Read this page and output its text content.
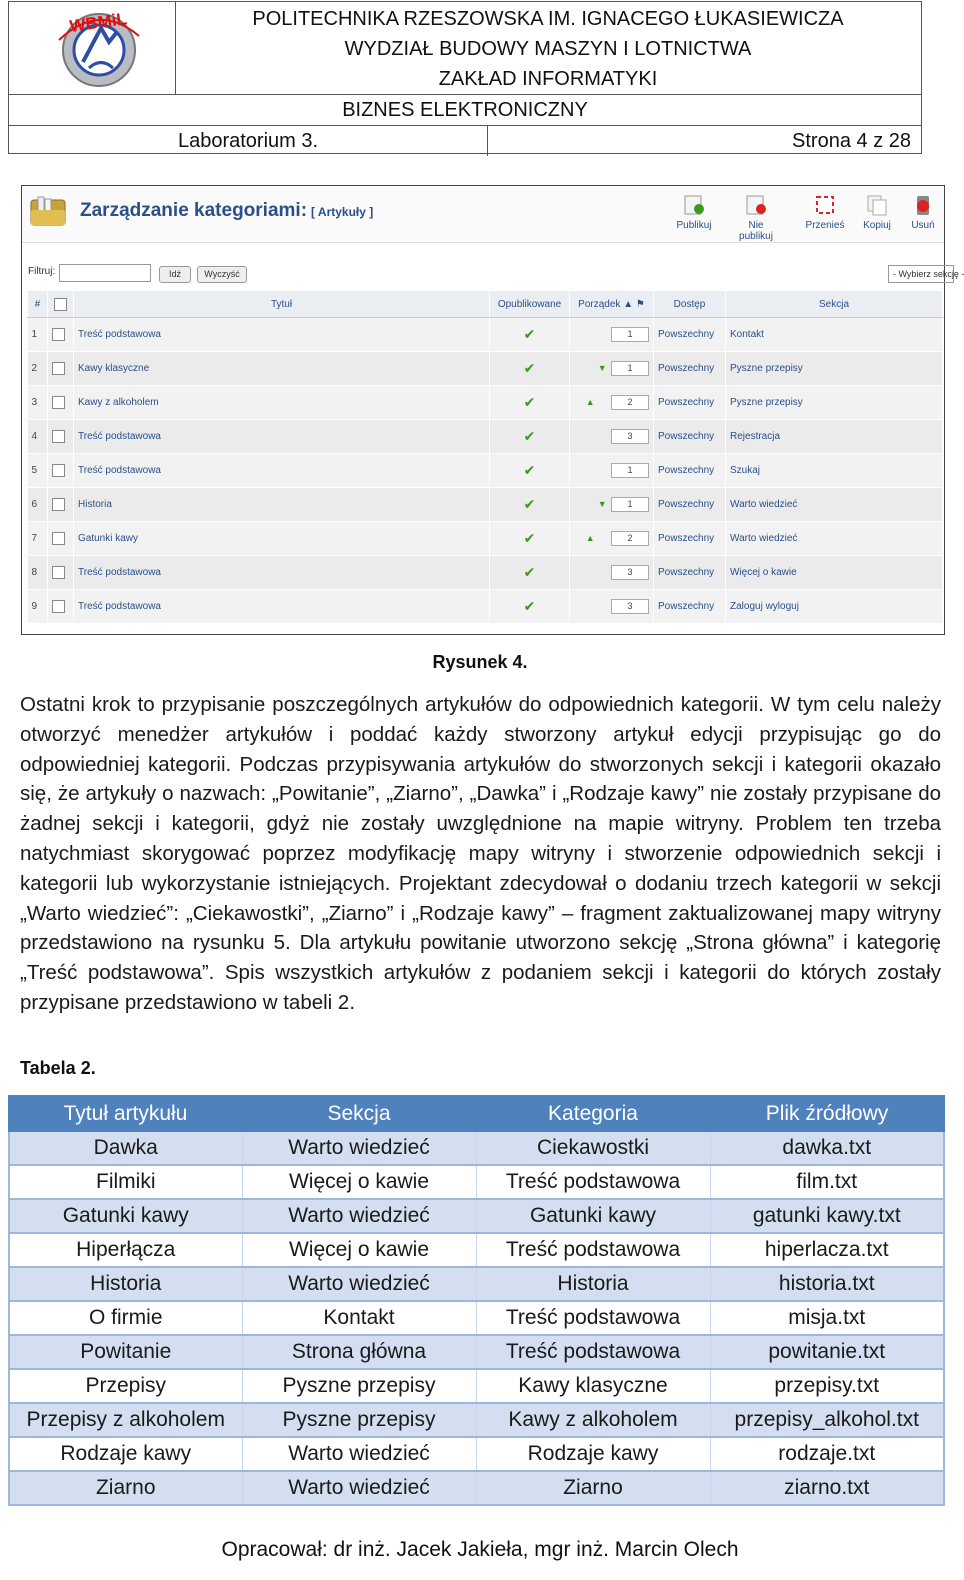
WBMiL	POLITECHNIKA RZESZOWSKA IM. IGNACEGO ŁUKASIEWICZA
WYDZIAŁ BUDOWY MASZYN I LOTNICTWA
ZAKŁAD INFORMATYKI
BIZNES ELEKTRONICZNY
Laboratorium 3.	Strona 4 z 28
Zarządzanie kategoriami: [ Artykuły ]
Publikuj	Nie publikuj
Przenieś	Kopiuj	Usuń
Filtruj:	Idź	Wyczyść	- Wybierz sekcję -
#		Tytuł	Opublikowane	Porządek ▲ ⚑	Dostęp	Sekcja
1		Treść podstawowa	✔	1	Powszechny	Kontakt
2		Kawy klasyczne	✔	▼ 1	Powszechny	Pyszne przepisy
3		Kawy z alkoholem	✔	▲ 2	Powszechny	Pyszne przepisy
4		Treść podstawowa	✔	3	Powszechny	Rejestracja
5		Treść podstawowa	✔	1	Powszechny	Szukaj
6		Historia	✔	▼ 1	Powszechny	Warto wiedzieć
7		Gatunki kawy	✔	▲ 2	Powszechny	Warto wiedzieć
8		Treść podstawowa	✔	3	Powszechny	Więcej o kawie
9		Treść podstawowa	✔	3	Powszechny	Zaloguj wyloguj
Rysunek 4.
Ostatni krok to przypisanie poszczególnych artykułów do odpowiednich kategorii. W tym celu należy otworzyć menedżer artykułów i poddać każdy stworzony artykuł edycji przypisując go do odpowiedniej kategorii. Podczas przypisywania artykułów do stworzonych sekcji i kategorii okazało się, że artykuły o nazwach: „Powitanie”, „Ziarno”, „Dawka” i „Rodzaje kawy” nie zostały przypisane do żadnej sekcji i kategorii, gdyż nie zostały uwzględnione na mapie witryny. Problem ten trzeba natychmiast skorygować poprzez modyfikację mapy witryny i stworzenie odpowiednich sekcji i kategorii lub wykorzystanie istniejących. Projektant zdecydował o dodaniu trzech kategorii w sekcji „Warto wiedzieć”: „Ciekawostki”, „Ziarno” i „Rodzaje kawy” – fragment zaktualizowanej mapy witryny przedstawiono na rysunku 5. Dla artykułu powitanie utworzono sekcję „Strona główna” i kategorię „Treść podstawowa”. Spis wszystkich artykułów z podaniem sekcji i kategorii do których zostały przypisane przedstawiono w tabeli 2.
Tabela 2.
Tytuł artykułu	Sekcja	Kategoria	Plik źródłowy
Dawka	Warto wiedzieć	Ciekawostki	dawka.txt
Filmiki	Więcej o kawie	Treść podstawowa	film.txt
Gatunki kawy	Warto wiedzieć	Gatunki kawy	gatunki kawy.txt
Hiperłącza	Więcej o kawie	Treść podstawowa	hiperlacza.txt
Historia	Warto wiedzieć	Historia	historia.txt
O firmie	Kontakt	Treść podstawowa	misja.txt
Powitanie	Strona główna	Treść podstawowa	powitanie.txt
Przepisy	Pyszne przepisy	Kawy klasyczne	przepisy.txt
Przepisy z alkoholem	Pyszne przepisy	Kawy z alkoholem	przepisy_alkohol.txt
Rodzaje kawy	Warto wiedzieć	Rodzaje kawy	rodzaje.txt
Ziarno	Warto wiedzieć	Ziarno	ziarno.txt
Opracował: dr inż. Jacek Jakieła, mgr inż. Marcin Olech
